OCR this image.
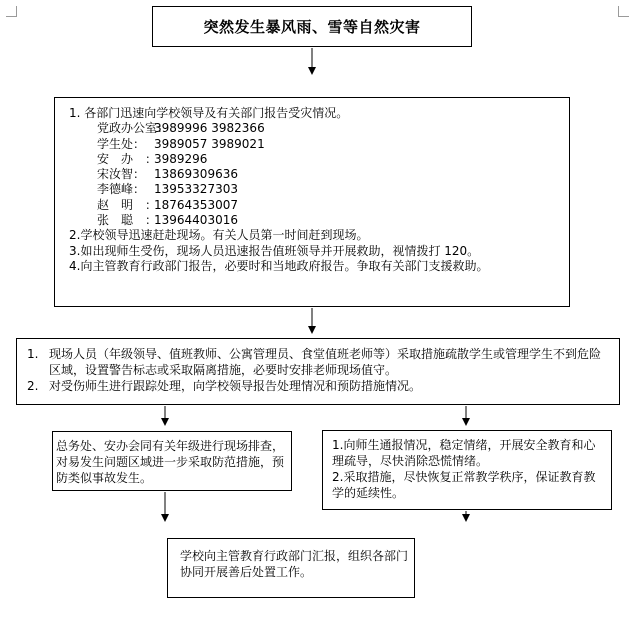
突然发生暴风雨、雪等自然灾害
1. 各部门迅速向学校领导及有关部门报告受灾情况。
党政办公室：
3989996 3982366
学生处： 3989057 3989021
安办：
3989296
宋汝智： 13869309636
李德峰： 13953327303
赵明：
18764353007
张聪：
13964403016
2.学校领导迅速赶赴现场。有关人员第一时间赶到现场。
3.如出现师生受伤，现场人员迅速报告值班领导并开展救助，视情拨打 120。
4.向主管教育行政部门报告，必要时和当地政府报告。争取有关部门支援救助。
1. 现场人员（年级领导、值班教师、公寓管理员、食堂值班老师等）采取措施疏散学生或管理学生不到危险区域，设置警告标志或采取隔离措施，必要时安排老师现场值守。
2. 对受伤师生进行跟踪处理，向学校领导报告处理情况和预防措施情况。
总务处、安办会同有关年级进行现场排查，对易发生问题区域进一步采取防范措施，预防类似事故发生。
1.向师生通报情况，稳定情绪，开展安全教育和心理疏导，尽快消除恐慌情绪。
2.采取措施，尽快恢复正常教学秩序，保证教育教学的延续性。
学校向主管教育行政部门汇报，组织各部门协同开展善后处置工作。
